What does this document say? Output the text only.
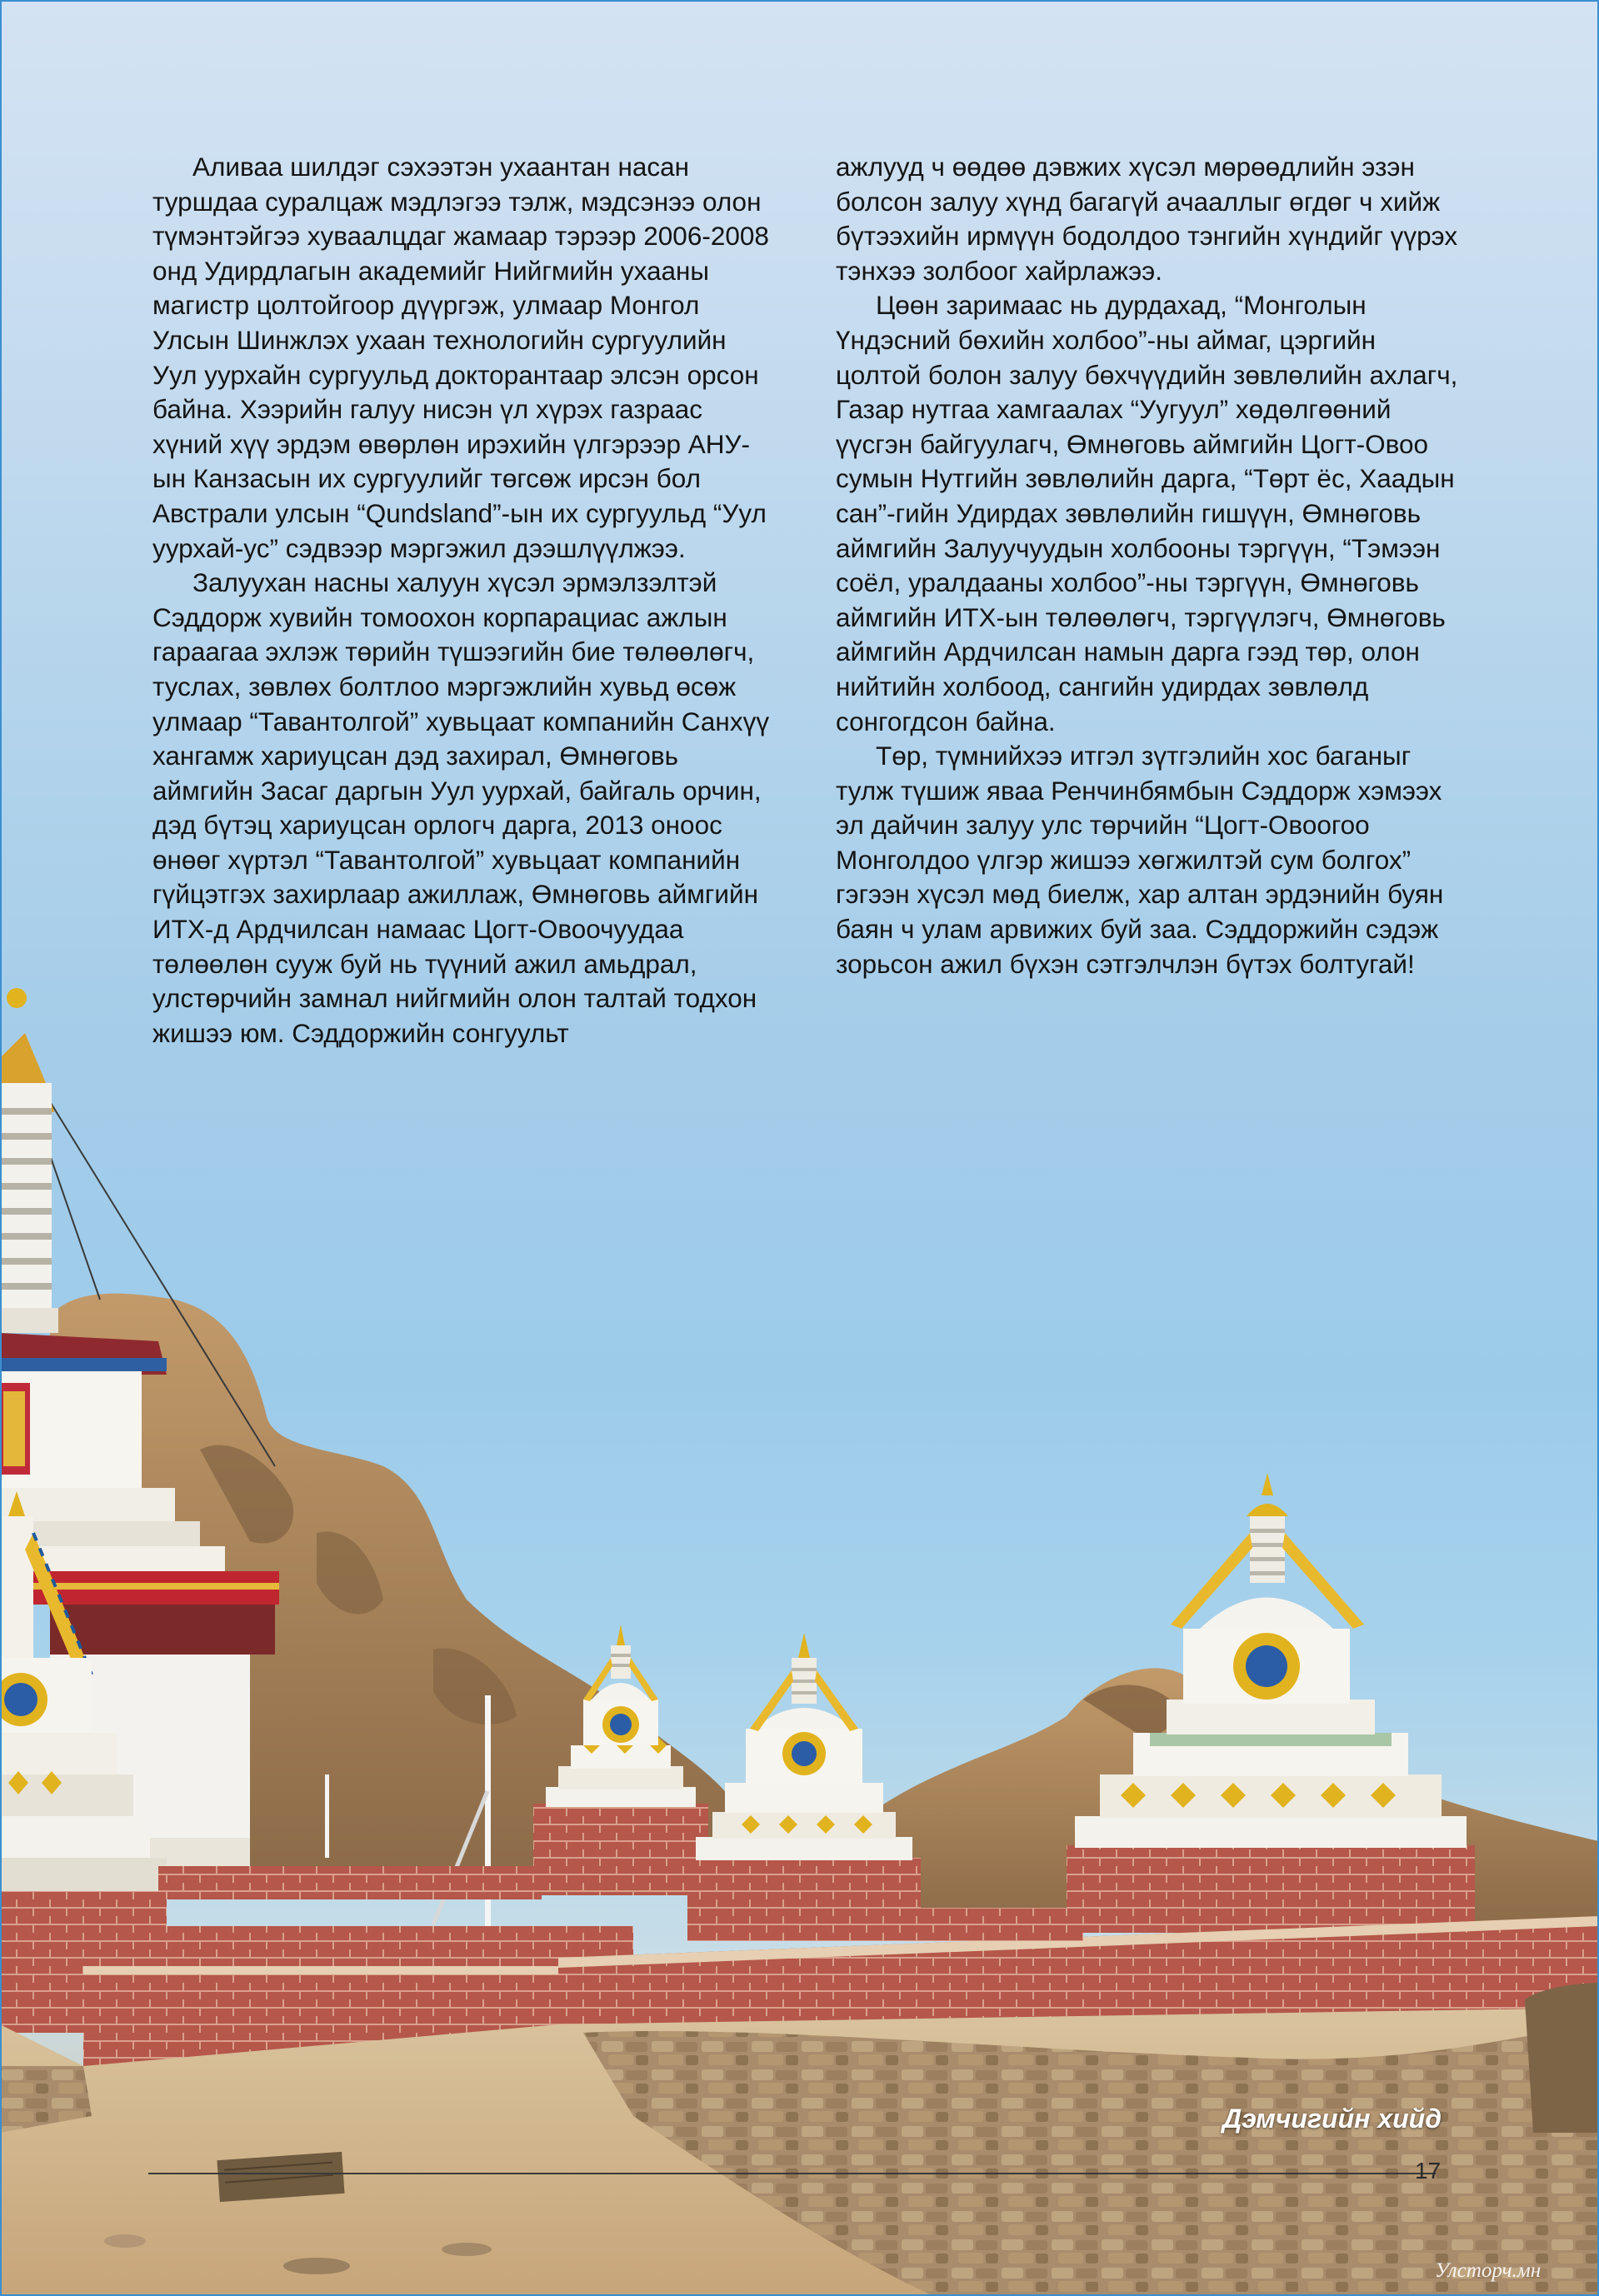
Аливаа шилдэг сэхээтэн ухаантан насан туршдаа суралцаж мэдлэгээ тэлж, мэдсэнээ олон түмэнтэйгээ хуваалцдаг жамаар тэрээр 2006-2008 онд Удирдлагын академийг Нийгмийн ухааны магистр цолтойгоор дүүргэж, улмаар Монгол Улсын Шинжлэх ухаан технологийн сургуулийн Уул уурхайн сургуульд докторантаар элсэн орсон байна. Хээрийн галуу нисэн үл хүрэх газраас хүний хүү эрдэм өвөрлөн ирэхийн үлгэрээр АНУ-ын Канзасын их сургуулийг төгсөж ирсэн бол Австрали улсын “Qundsland”-ын их сургуульд “Уул уурхай-ус” сэдвээр мэргэжил дээшлүүлжээ.

Залуухан насны халуун хүсэл эрмэлзэлтэй Сэддорж хувийн томоохон корпарациас ажлын гараагаа эхлэж төрийн түшээгийн бие төлөөлөгч, туслах, зөвлөх болтлоо мэргэжлийн хувьд өсөж улмаар “Тавантолгой” хувьцаат компанийн Санхүү хангамж хариуцсан дэд захирал, Өмнөговь аймгийн Засаг даргын Уул уурхай, байгаль орчин, дэд бүтэц хариуцсан орлогч дарга, 2013 оноос өнөөг хүртэл “Тавантолгой” хувьцаат компанийн гүйцэтгэх захирлаар ажиллаж, Өмнөговь аймгийн ИТХ-д Ардчилсан намаас Цогт-Овоочуудаа төлөөлөн сууж буй нь түүний ажил амьдрал, улстөрчийн замнал нийгмийн олон талтай тодхон жишээ юм. Сэддоржийн сонгуульт

ажлууд ч өөдөө дэвжих хүсэл мөрөөдлийн эзэн болсон залуу хүнд багагүй ачааллыг өгдөг ч хийж бүтээхийн ирмүүн бодолдоо тэнгийн хүндийг үүрэх тэнхээ золбоог хайрлажээ.

Цөөн заримаас нь дурдахад, “Монголын Үндэсний бөхийн холбоо”-ны аймаг, цэргийн цолтой болон залуу бөхчүүдийн зөвлөлийн ахлагч, Газар нутгаа хамгаалах “Уугуул” хөдөлгөөний үүсгэн байгуулагч, Өмнөговь аймгийн Цогт-Овоо сумын Нутгийн зөвлөлийн дарга, “Төрт ёс, Хаадын сан”-гийн Удирдах зөвлөлийн гишүүн, Өмнөговь аймгийн Залуучуудын холбооны тэргүүн, “Тэмээн соёл, уралдааны холбоо”-ны тэргүүн, Өмнөговь аймгийн ИТХ-ын төлөөлөгч, тэргүүлэгч, Өмнөговь аймгийн Ардчилсан намын дарга гээд төр, олон нийтийн холбоод, сангийн удирдах зөвлөлд сонгогдсон байна.

Төр, түмнийхээ итгэл зүтгэлийн хос баганыг тулж түшиж яваа Ренчинбямбын Сэддорж хэмээх эл дайчин залуу улс төрчийн “Цогт-Овоогоо Монголдоо үлгэр жишээ хөгжилтэй сум болгох” гэгээн хүсэл мөд биелж, хар алтан эрдэнийн буян баян ч улам арвижих буй заа. Сэддоржийн сэдэж зорьсон ажил бүхэн сэтгэлчлэн бүтэх болтугай!

Дэмчигийн хийд
17
Улсторч.мн
